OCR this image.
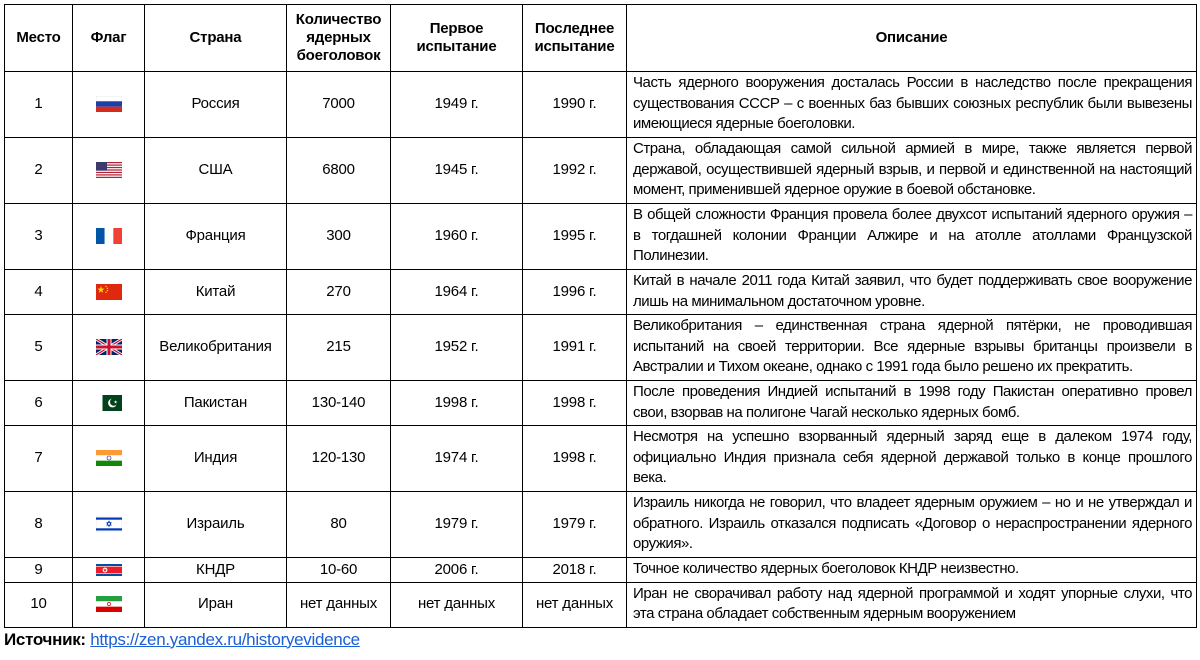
Место	Флаг	Страна	Количество ядерных боеголовок	Первое испытание	Последнее испытание	Описание
1		Россия	7000	1949 г.	1990 г.	Часть ядерного вооружения досталась России в наследство после прекращения существования СССР – с военных баз бывших союзных республик были вывезены имеющиеся ядерные боеголовки.
2		США	6800	1945 г.	1992 г.	Страна, обладающая самой сильной армией в мире, также является первой державой, осуществившей ядерный взрыв, и первой и единственной на настоящий момент, применившей ядерное оружие в боевой обстановке.
3		Франция	300	1960 г.	1995 г.	В общей сложности Франция провела более двухсот испытаний ядерного оружия – в тогдашней колонии Франции Алжире и на атолле атоллами Французской Полинезии.
4		Китай	270	1964 г.	1996 г.	Китай в начале 2011 года Китай заявил, что будет поддерживать свое вооружение лишь на минимальном достаточном уровне.
5		Великобритания	215	1952 г.	1991 г.	Великобритания – единственная страна ядерной пятёрки, не проводившая испытаний на своей территории. Все ядерные взрывы британцы произвели в Австралии и Тихом океане, однако с 1991 года было решено их прекратить.
6		Пакистан	130-140	1998 г.	1998 г.	После проведения Индией испытаний в 1998 году Пакистан оперативно провел свои, взорвав на полигоне Чагай несколько ядерных бомб.
7		Индия	120-130	1974 г.	1998 г.	Несмотря на успешно взорванный ядерный заряд еще в далеком 1974 году, официально Индия признала себя ядерной державой только в конце прошлого века.
8		Израиль	80	1979 г.	1979 г.	Израиль никогда не говорил, что владеет ядерным оружием – но и не утверждал и обратного. Израиль отказался подписать «Договор о нераспространении ядерного оружия».
9		КНДР	10-60	2006 г.	2018 г.	Точное количество ядерных боеголовок КНДР неизвестно.
10		Иран	нет данных	нет данных	нет данных	Иран не сворачивал работу над ядерной программой и ходят упорные слухи, что эта страна обладает собственным ядерным вооружением
Источник: https://zen.yandex.ru/historyevidence
